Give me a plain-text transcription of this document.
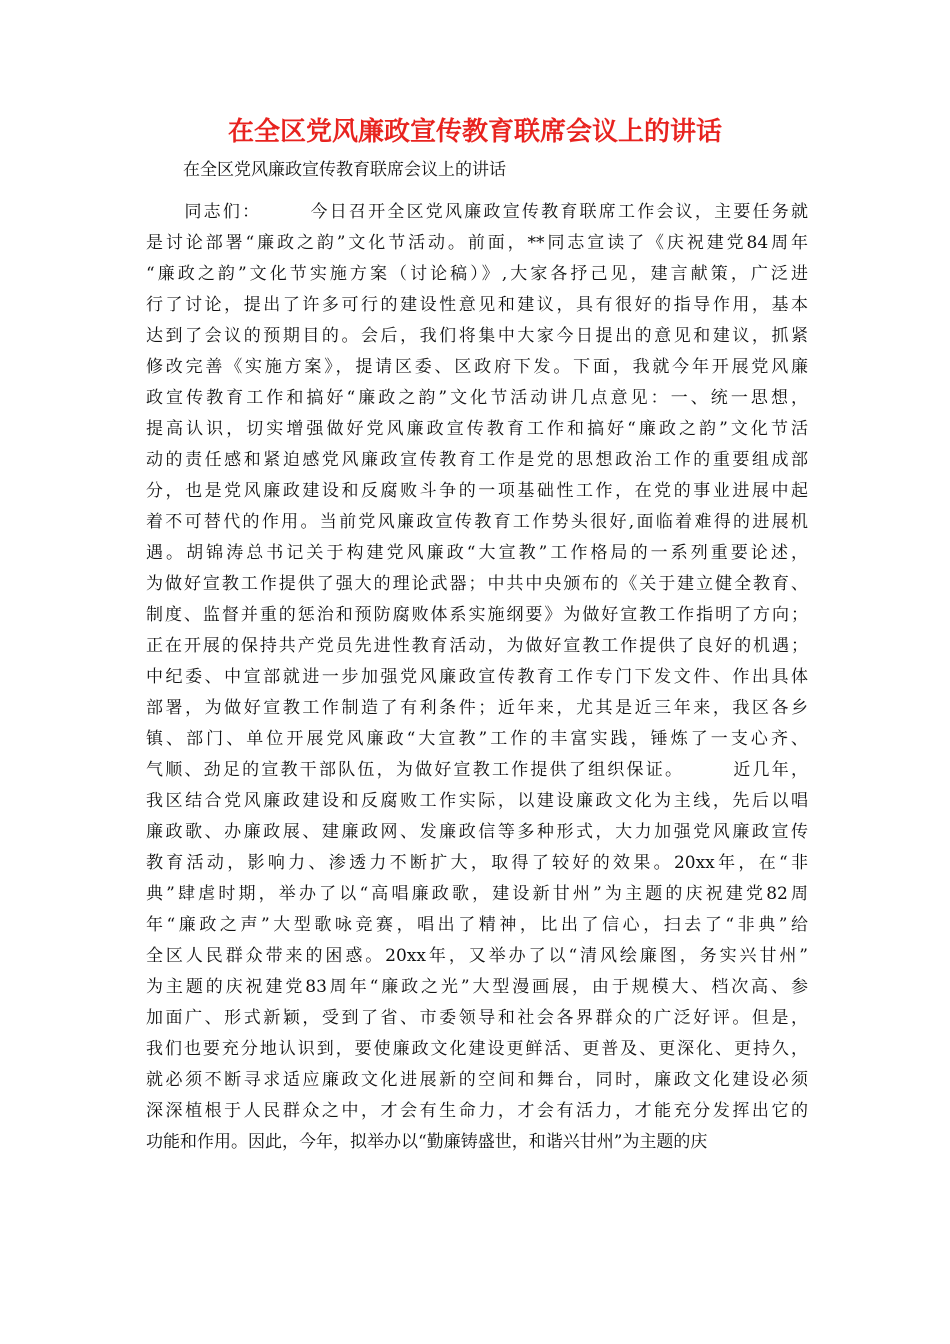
在全区党风廉政宣传教育联席会议上的讲话
在全区党风廉政宣传教育联席会议上的讲话
　　同志们：　　　今日召开全区党风廉政宣传教育联席工作会议，主要任务就
是讨论部署“廉政之韵”文化节活动。前面，**同志宣读了《庆祝建党84周年
“廉政之韵”文化节实施方案（讨论稿）》,大家各抒己见，建言献策，广泛进
行了讨论，提出了许多可行的建设性意见和建议，具有很好的指导作用，基本
达到了会议的预期目的。会后，我们将集中大家今日提出的意见和建议，抓紧
修改完善《实施方案》，提请区委、区政府下发。下面，我就今年开展党风廉
政宣传教育工作和搞好“廉政之韵”文化节活动讲几点意见：一、统一思想，
提高认识，切实增强做好党风廉政宣传教育工作和搞好“廉政之韵”文化节活
动的责任感和紧迫感党风廉政宣传教育工作是党的思想政治工作的重要组成部
分，也是党风廉政建设和反腐败斗争的一项基础性工作，在党的事业进展中起
着不可替代的作用。当前党风廉政宣传教育工作势头很好,面临着难得的进展机
遇。胡锦涛总书记关于构建党风廉政“大宣教”工作格局的一系列重要论述，
为做好宣教工作提供了强大的理论武器；中共中央颁布的《关于建立健全教育、
制度、监督并重的惩治和预防腐败体系实施纲要》为做好宣教工作指明了方向；
正在开展的保持共产党员先进性教育活动，为做好宣教工作提供了良好的机遇；
中纪委、中宣部就进一步加强党风廉政宣传教育工作专门下发文件、作出具体
部署，为做好宣教工作制造了有利条件；近年来，尤其是近三年来，我区各乡
镇、部门、单位开展党风廉政“大宣教”工作的丰富实践，锤炼了一支心齐、
气顺、劲足的宣教干部队伍，为做好宣教工作提供了组织保证。　　　近几年，
我区结合党风廉政建设和反腐败工作实际，以建设廉政文化为主线，先后以唱
廉政歌、办廉政展、建廉政网、发廉政信等多种形式，大力加强党风廉政宣传
教育活动，影响力、渗透力不断扩大，取得了较好的效果。20xx年，在“非
典”肆虐时期，举办了以“高唱廉政歌，建设新甘州”为主题的庆祝建党82周
年“廉政之声”大型歌咏竞赛，唱出了精神，比出了信心，扫去了“非典”给
全区人民群众带来的困惑。20xx年，又举办了以“清风绘廉图，务实兴甘州”
为主题的庆祝建党83周年“廉政之光”大型漫画展，由于规模大、档次高、参
加面广、形式新颖，受到了省、市委领导和社会各界群众的广泛好评。但是，
我们也要充分地认识到，要使廉政文化建设更鲜活、更普及、更深化、更持久，
就必须不断寻求适应廉政文化进展新的空间和舞台，同时，廉政文化建设必须
深深植根于人民群众之中，才会有生命力，才会有活力，才能充分发挥出它的
功能和作用。因此，今年，拟举办以“勤廉铸盛世，和谐兴甘州”为主题的庆
